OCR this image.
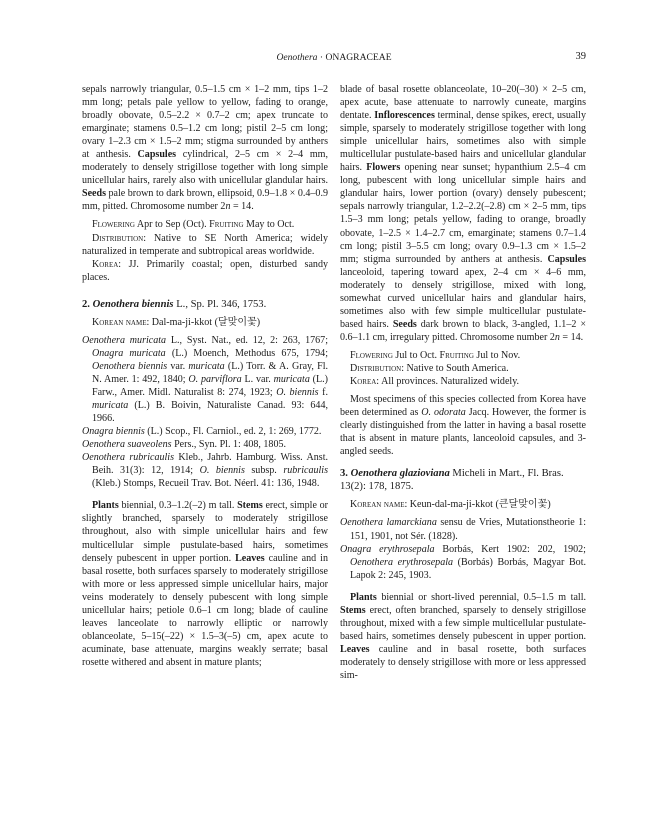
Oenothera · ONAGRACEAE	39

sepals narrowly triangular, 0.5–1.5 cm × 1–2 mm, tips 1–2 mm long; petals pale yellow to yellow, fading to orange, broadly obovate, 0.5–2.2 × 0.7–2 cm; apex truncate to emarginate; stamens 0.5–1.2 cm long; pistil 2–5 cm long; ovary 1–2.3 cm × 1.5–2 mm; stigma surrounded by anthers at anthesis. Capsules cylindrical, 2–5 cm × 2–4 mm, moderately to densely strigillose together with long simple unicellular hairs, rarely also with unicellular glandular hairs. Seeds pale brown to dark brown, ellipsoid, 0.9–1.8 × 0.4–0.9 mm, pitted. Chromosome number 2n = 14.

Flowering Apr to Sep (Oct). Fruiting May to Oct.

Distribution: Native to SE North America; widely naturalized in temperate and subtropical areas worldwide.

Korea: JJ. Primarily coastal; open, disturbed sandy places.

2. Oenothera biennis L., Sp. Pl. 346, 1753.

Korean name: Dal-ma-ji-kkot (달맞이꽃)

Oenothera muricata L., Syst. Nat., ed. 12, 2: 263, 1767; Onagra muricata (L.) Moench, Methodus 675, 1794; Oenothera biennis var. muricata (L.) Torr. & A. Gray, Fl. N. Amer. 1: 492, 1840; O. parviflora L. var. muricata (L.) Farw., Amer. Midl. Naturalist 8: 274, 1923; O. biennis f. muricata (L.) B. Boivin, Naturaliste Canad. 93: 644, 1966.

Onagra biennis (L.) Scop., Fl. Carniol., ed. 2, 1: 269, 1772.

Oenothera suaveolens Pers., Syn. Pl. 1: 408, 1805.

Oenothera rubricaulis Kleb., Jahrb. Hamburg. Wiss. Anst. Beih. 31(3): 12, 1914; O. biennis subsp. rubricaulis (Kleb.) Stomps, Recueil Trav. Bot. Néerl. 41: 136, 1948.

Plants biennial, 0.3–1.2(–2) m tall. Stems erect, simple or slightly branched, sparsely to moderately strigillose throughout, also with simple unicellular hairs and few multicellular simple pustulate-based hairs, sometimes densely pubescent in upper portion. Leaves cauline and in basal rosette, both surfaces sparsely to moderately strigillose with more or less appressed simple unicellular hairs, major veins moderately to densely pubescent with long simple unicellular hairs; petiole 0.6–1 cm long; blade of cauline leaves lanceolate to narrowly elliptic or narrowly oblanceolate, 5–15(–22) × 1.5–3(–5) cm, apex acute to acuminate, base attenuate, margins weakly serrate; basal rosette withered and absent in mature plants;

blade of basal rosette oblanceolate, 10–20(–30) × 2–5 cm, apex acute, base attenuate to narrowly cuneate, margins dentate. Inflorescences terminal, dense spikes, erect, usually simple, sparsely to moderately strigillose together with long simple unicellular hairs, sometimes also with simple multicellular pustulate-based hairs and unicellular glandular hairs. Flowers opening near sunset; hypanthium 2.5–4 cm long, pubescent with long unicellular simple hairs and glandular hairs, lower portion (ovary) densely pubescent; sepals narrowly triangular, 1.2–2.2(–2.8) cm × 2–5 mm, tips 1.5–3 mm long; petals yellow, fading to orange, broadly obovate, 1–2.5 × 1.4–2.7 cm, emarginate; stamens 0.7–1.4 cm long; pistil 3–5.5 cm long; ovary 0.9–1.3 cm × 1.5–2 mm; stigma surrounded by anthers at anthesis. Capsules lanceoloid, tapering toward apex, 2–4 cm × 4–6 mm, moderately to densely strigillose, mixed with long, somewhat curved unicellular hairs and glandular hairs, sometimes also with few simple multicellular pustulate-based hairs. Seeds dark brown to black, 3-angled, 1.1–2 × 0.6–1.1 cm, irregulary pitted. Chromosome number 2n = 14.

Flowering Jul to Oct. Fruiting Jul to Nov.

Distribution: Native to South America.

Korea: All provinces. Naturalized widely.

Most specimens of this species collected from Korea have been determined as O. odorata Jacq. However, the former is clearly distinguished from the latter in having a basal rosette that is absent in mature plants, lanceoloid capsules, and 3-angled seeds.

3. Oenothera glazioviana Micheli in Mart., Fl. Bras. 13(2): 178, 1875.

Korean name: Keun-dal-ma-ji-kkot (큰달맞이꽃)

Oenothera lamarckiana sensu de Vries, Mutationstheorie 1: 151, 1901, not Sér. (1828).

Onagra erythrosepala Borbás, Kert 1902: 202, 1902; Oenothera erythrosepala (Borbás) Borbás, Magyar Bot. Lapok 2: 245, 1903.

Plants biennial or short-lived perennial, 0.5–1.5 m tall. Stems erect, often branched, sparsely to densely strigillose throughout, mixed with a few simple multicellular pustulate-based hairs, sometimes densely pubescent in upper portion. Leaves cauline and in basal rosette, both surfaces moderately to densely strigillose with more or less appressed sim-
